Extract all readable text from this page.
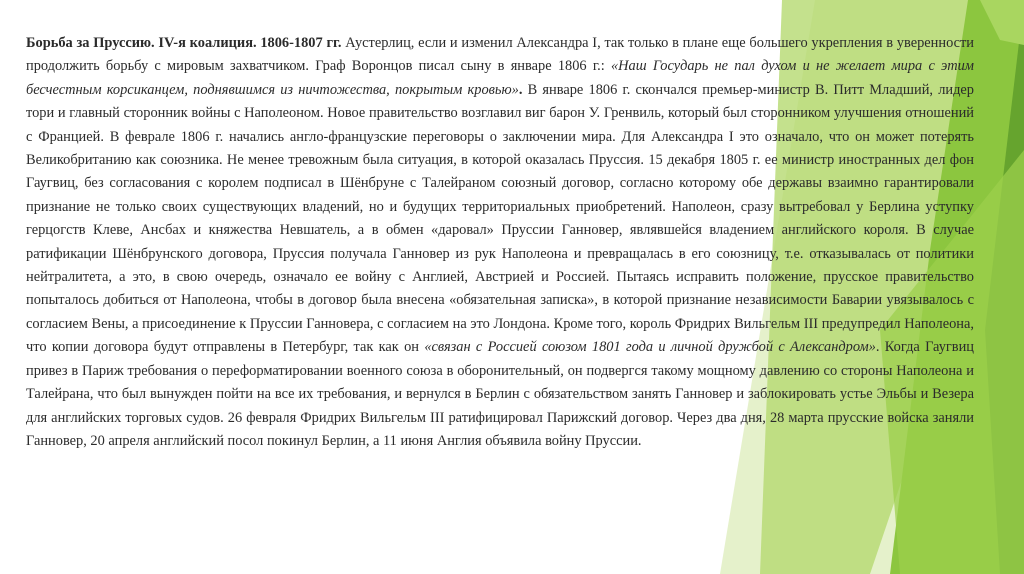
Борьба за Пруссию. IV-я коалиция. 1806-1807 гг. Аустерлиц, если и изменил Александра I, так только в плане еще большего укрепления в уверенности продолжить борьбу с мировым захватчиком. Граф Воронцов писал сыну в январе 1806 г.: «Наш Государь не пал духом и не желает мира с этим бесчестным корсиканцем, поднявшимся из ничтожества, покрытым кровью». В январе 1806 г. скончался премьер-министр В. Питт Младший, лидер тори и главный сторонник войны с Наполеоном. Новое правительство возглавил виг барон У. Гренвиль, который был сторонником улучшения отношений с Францией. В феврале 1806 г. начались англо-французские переговоры о заключении мира. Для Александра I это означало, что он может потерять Великобританию как союзника. Не менее тревожным была ситуация, в которой оказалась Пруссия. 15 декабря 1805 г. ее министр иностранных дел фон Гаугвиц, без согласования с королем подписал в Шёнбруне с Талейраном союзный договор, согласно которому обе державы взаимно гарантировали признание не только своих существующих владений, но и будущих территориальных приобретений. Наполеон, сразу вытребовал у Берлина уступку герцогств Клеве, Ансбах и княжества Невшатель, а в обмен «даровал» Пруссии Ганновер, являвшейся владением английского короля. В случае ратификации Шёнбрунского договора, Пруссия получала Ганновер из рук Наполеона и превращалась в его союзницу, т.е. отказывалась от политики нейтралитета, а это, в свою очередь, означало ее войну с Англией, Австрией и Россией. Пытаясь исправить положение, прусское правительство попыталось добиться от Наполеона, чтобы в договор была внесена «обязательная записка», в которой признание независимости Баварии увязывалось с согласием Вены, а присоединение к Пруссии Ганновера, с согласием на это Лондона. Кроме того, король Фридрих Вильгельм III предупредил Наполеона, что копии договора будут отправлены в Петербург, так как он «связан с Россией союзом 1801 года и личной дружбой с Александром». Когда Гаугвиц привез в Париж требования о переформатировании военного союза в оборонительный, он подвергся такому мощному давлению со стороны Наполеона и Талейрана, что был вынужден пойти на все их требования, и вернулся в Берлин с обязательством занять Ганновер и заблокировать устье Эльбы и Везера для английских торговых судов. 26 февраля Фридрих Вильгельм III ратифицировал Парижский договор. Через два дня, 28 марта прусские войска заняли Ганновер, 20 апреля английский посол покинул Берлин, а 11 июня Англия объявила войну Пруссии.
